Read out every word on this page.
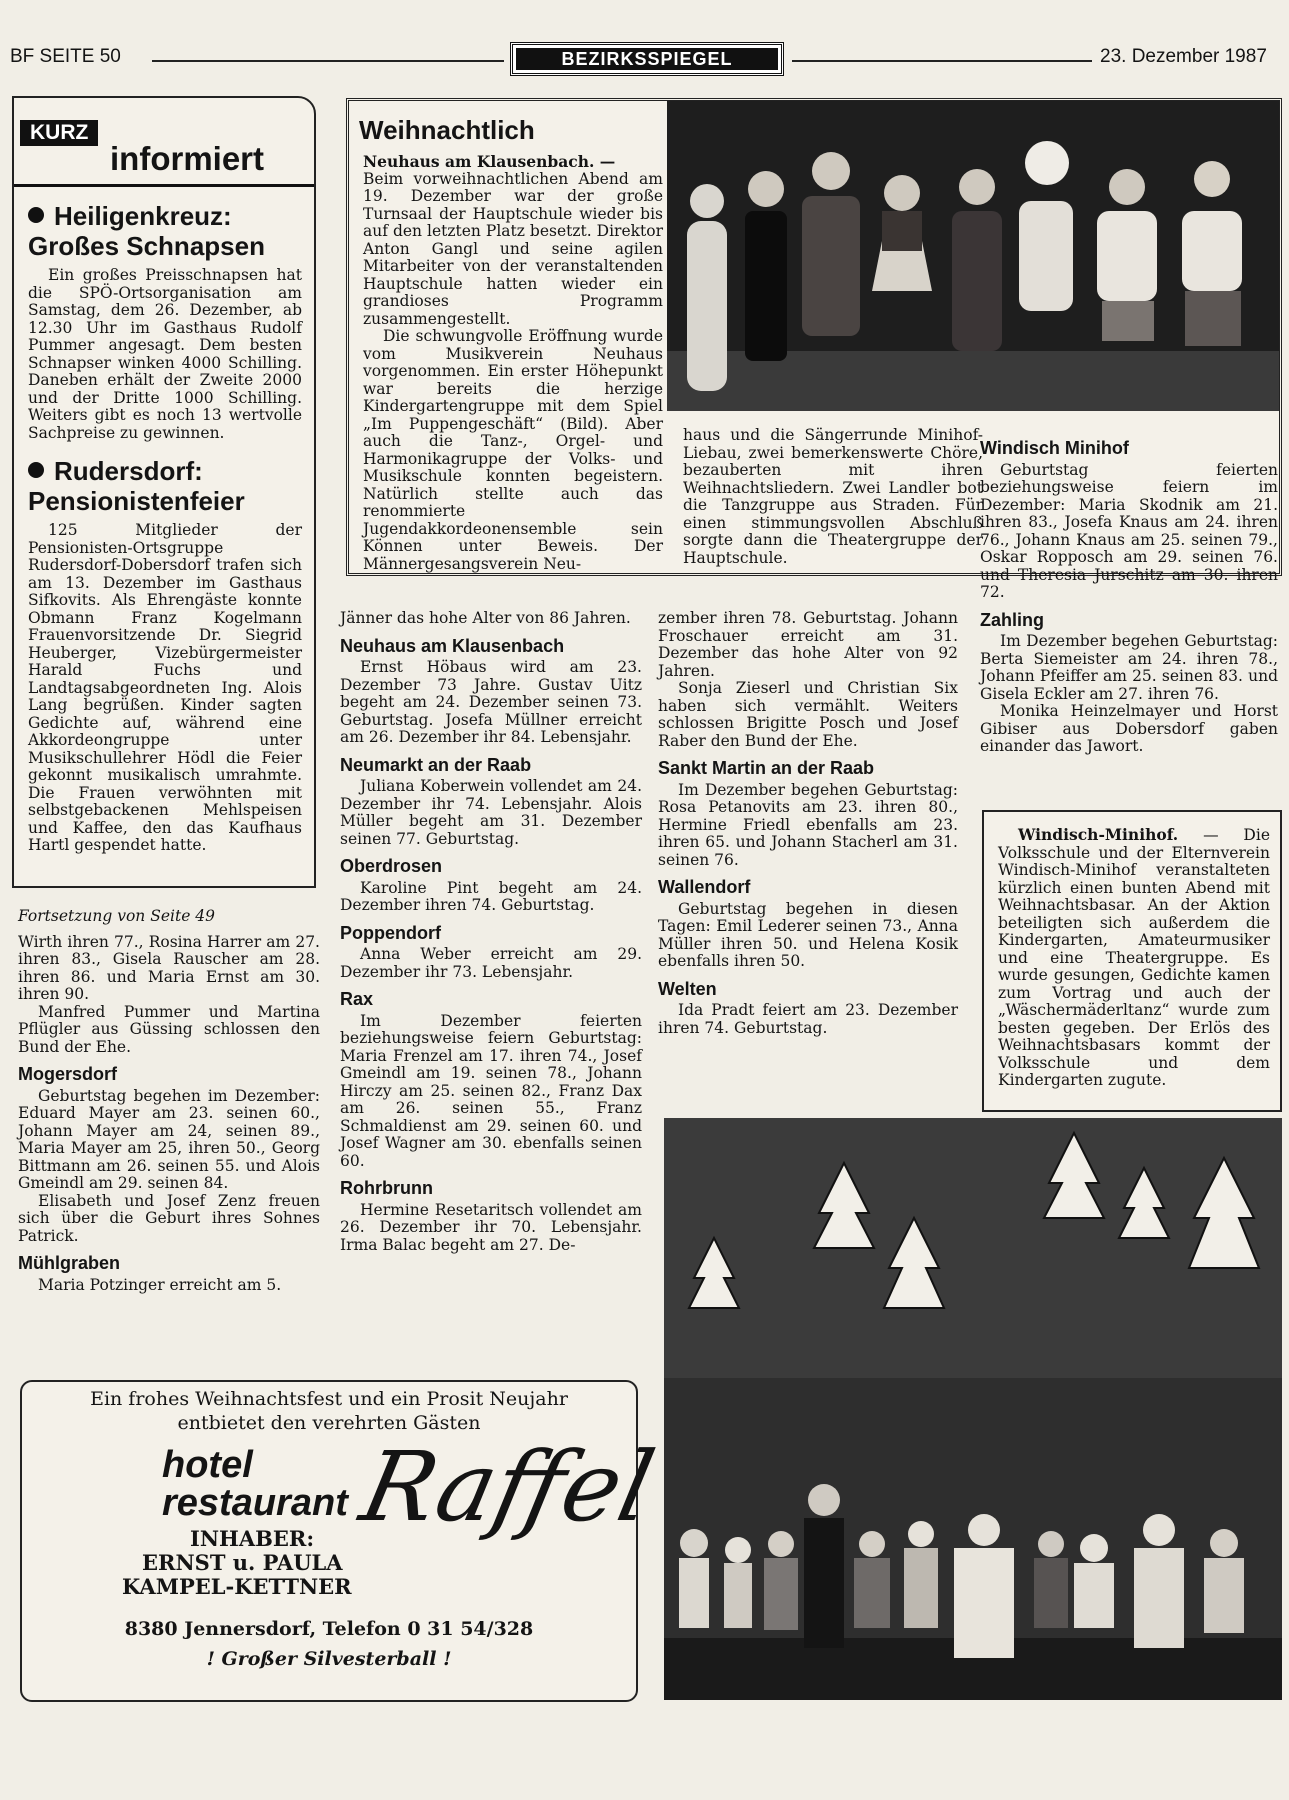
BF SEITE 50	BEZIRKSSPIEGEL	23. Dezember 1987
KURZ
informiert
Heiligenkreuz: Großes Schnapsen

Ein großes Preisschnapsen hat die SPÖ-Ortsorganisation am Samstag, dem 26. Dezember, ab 12.30 Uhr im Gasthaus Rudolf Pummer angesagt. Dem besten Schnapser winken 4000 Schilling. Daneben erhält der Zweite 2000 und der Dritte 1000 Schilling. Weiters gibt es noch 13 wertvolle Sachpreise zu gewinnen.

Rudersdorf: Pensionistenfeier

125 Mitglieder der Pensionisten-Ortsgruppe Rudersdorf-Dobersdorf trafen sich am 13. Dezember im Gasthaus Sifkovits. Als Ehrengäste konnte Obmann Franz Kogelmann Frauenvorsitzende Dr. Siegrid Heuberger, Vizebürgermeister Harald Fuchs und Landtagsabgeordneten Ing. Alois Lang begrüßen. Kinder sagten Gedichte auf, während eine Akkordeongruppe unter Musikschullehrer Hödl die Feier gekonnt musikalisch umrahmte. Die Frauen verwöhnten mit selbstgebackenen Mehlspeisen und Kaffee, den das Kaufhaus Hartl gespendet hatte.

Fortsetzung von Seite 49

Wirth ihren 77., Rosina Harrer am 27. ihren 83., Gisela Rauscher am 28. ihren 86. und Maria Ernst am 30. ihren 90.

Manfred Pummer und Martina Pflügler aus Güssing schlossen den Bund der Ehe.

Mogersdorf

Geburtstag begehen im Dezember: Eduard Mayer am 23. seinen 60., Johann Mayer am 24, seinen 89., Maria Mayer am 25, ihren 50., Georg Bittmann am 26. seinen 55. und Alois Gmeindl am 29. seinen 84.

Elisabeth und Josef Zenz freuen sich über die Geburt ihres Sohnes Patrick.

Mühlgraben

Maria Potzinger erreicht am 5.

Weihnachtlich

Neuhaus am Klausenbach. —

Beim vorweihnachtlichen Abend am 19. Dezember war der große Turnsaal der Hauptschule wieder bis auf den letzten Platz besetzt. Direktor Anton Gangl und seine agilen Mitarbeiter von der veranstaltenden Hauptschule hatten wieder ein grandioses Programm zusammengestellt.

Die schwungvolle Eröffnung wurde vom Musikverein Neuhaus vorgenommen. Ein erster Höhepunkt war bereits die herzige Kindergartengruppe mit dem Spiel „Im Puppengeschäft“ (Bild). Aber auch die Tanz-, Orgel- und Harmonikagruppe der Volks- und Musikschule konnten begeistern. Natürlich stellte auch das renommierte Jugendakkordeonensemble sein Können unter Beweis. Der Männergesangsverein Neu-

haus und die Sängerrunde Minihof-Liebau, zwei bemerkenswerte Chöre, bezauberten mit ihren Weihnachtsliedern. Zwei Landler bot die Tanzgruppe aus Straden. Für einen stimmungsvollen Abschluß sorgte dann die Theatergruppe der Hauptschule.

Jänner das hohe Alter von 86 Jahren.

Neuhaus am Klausenbach

Ernst Höbaus wird am 23. Dezember 73 Jahre. Gustav Uitz begeht am 24. Dezember seinen 73. Geburtstag. Josefa Müllner erreicht am 26. Dezember ihr 84. Lebensjahr.

Neumarkt an der Raab

Juliana Koberwein vollendet am 24. Dezember ihr 74. Lebensjahr. Alois Müller begeht am 31. Dezember seinen 77. Geburtstag.

Oberdrosen

Karoline Pint begeht am 24. Dezember ihren 74. Geburtstag.

Poppendorf

Anna Weber erreicht am 29. Dezember ihr 73. Lebensjahr.

Rax

Im Dezember feierten beziehungsweise feiern Geburtstag: Maria Frenzel am 17. ihren 74., Josef Gmeindl am 19. seinen 78., Johann Hirczy am 25. seinen 82., Franz Dax am 26. seinen 55., Franz Schmaldienst am 29. seinen 60. und Josef Wagner am 30. ebenfalls seinen 60.

Rohrbrunn

Hermine Resetaritsch vollendet am 26. Dezember ihr 70. Lebensjahr. Irma Balac begeht am 27. De-

zember ihren 78. Geburtstag. Johann Froschauer erreicht am 31. Dezember das hohe Alter von 92 Jahren.

Sonja Zieserl und Christian Six haben sich vermählt. Weiters schlossen Brigitte Posch und Josef Raber den Bund der Ehe.

Sankt Martin an der Raab

Im Dezember begehen Geburtstag: Rosa Petanovits am 23. ihren 80., Hermine Friedl ebenfalls am 23. ihren 65. und Johann Stacherl am 31. seinen 76.

Wallendorf

Geburtstag begehen in diesen Tagen: Emil Lederer seinen 73., Anna Müller ihren 50. und Helena Kosik ebenfalls ihren 50.

Welten

Ida Pradt feiert am 23. Dezember ihren 74. Geburtstag.

Windisch Minihof

Geburtstag feierten beziehungsweise feiern im Dezember: Maria Skodnik am 21. ihren 83., Josefa Knaus am 24. ihren 76., Johann Knaus am 25. seinen 79., Oskar Ropposch am 29. seinen 76. und Theresia Jurschitz am 30. ihren 72.

Zahling

Im Dezember begehen Geburtstag: Berta Siemeister am 24. ihren 78., Johann Pfeiffer am 25. seinen 83. und Gisela Eckler am 27. ihren 76.

Monika Heinzelmayer und Horst Gibiser aus Dobersdorf gaben einander das Jawort.

Windisch-Minihof. — Die Volksschule und der Elternverein Windisch-Minihof veranstalteten kürzlich einen bunten Abend mit Weihnachtsbasar. An der Aktion beteiligten sich außerdem die Kindergarten, Amateurmusiker und eine Theatergruppe. Es wurde gesungen, Gedichte kamen zum Vortrag und auch der „Wäschermäderltanz“ wurde zum besten gegeben. Der Erlös des Weihnachtsbasars kommt der Volksschule und dem Kindergarten zugute.

Ein frohes Weihnachtsfest und ein Prosit Neujahr
entbietet den verehrten Gästen
hotel
restaurant Raffel
INHABER:
ERNST u. PAULA
KAMPEL-KETTNER
8380 Jennersdorf, Telefon 0 31 54/328
! Großer Silvesterball !
